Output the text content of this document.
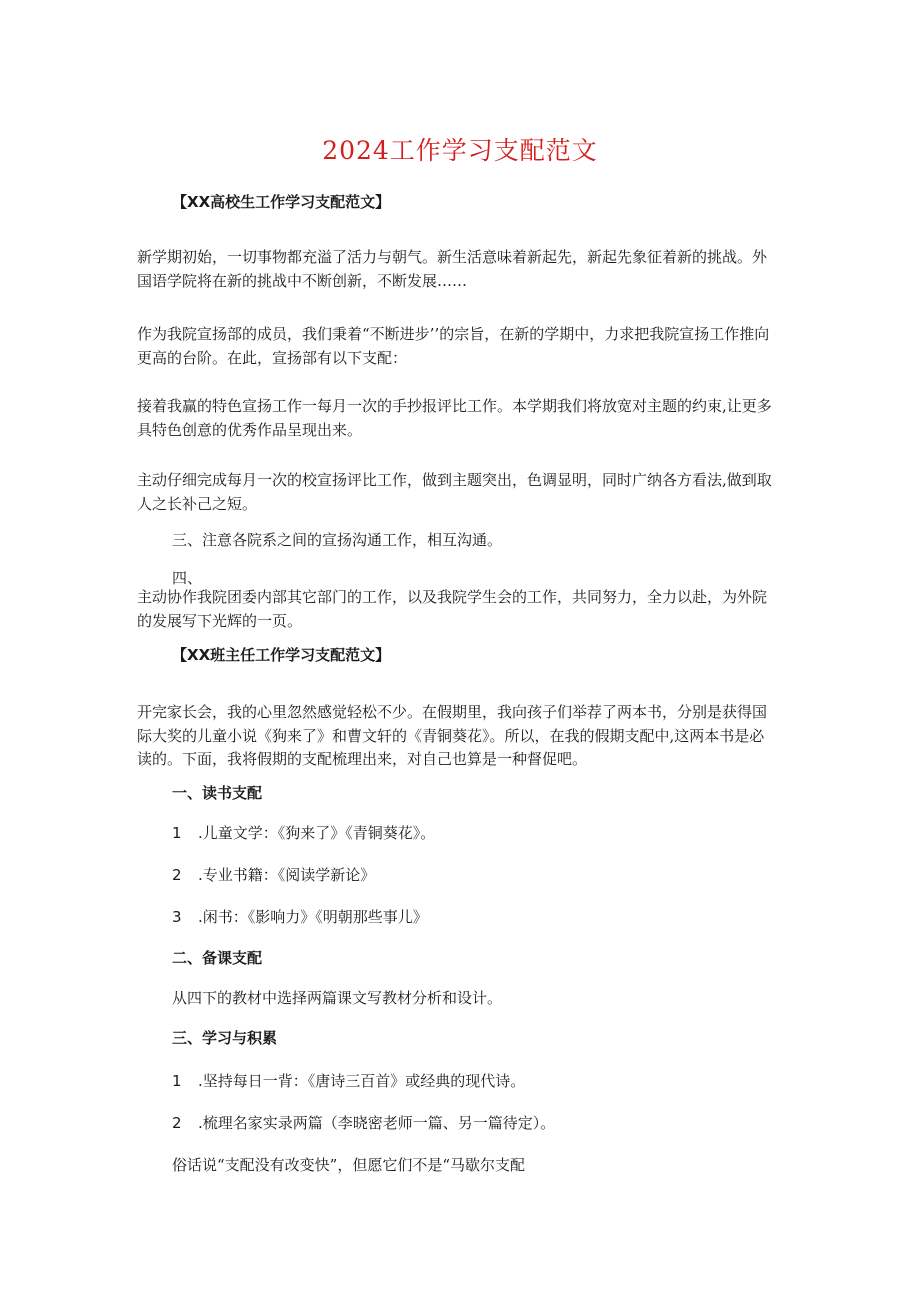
2024工作学习支配范文
【XX高校生工作学习支配范文】
新学期初始，一切事物都充溢了活力与朝气。新生活意味着新起先，新起先象征着新的挑战。外国语学院将在新的挑战中不断创新，不断发展……
作为我院宣扬部的成员，我们秉着“不断进步’’的宗旨，在新的学期中，力求把我院宣扬工作推向更高的台阶。在此，宣扬部有以下支配：
接着我赢的特色宣扬工作一每月一次的手抄报评比工作。本学期我们将放宽对主题的约束,让更多具特色创意的优秀作品呈现出来。
主动仔细完成每月一次的校宣扬评比工作，做到主题突出，色调显明，同时广纳各方看法,做到取人之长补己之短。
三、注意各院系之间的宣扬沟通工作，相互沟通。
四、
主动协作我院团委内部其它部门的工作，以及我院学生会的工作，共同努力，全力以赴，为外院的发展写下光辉的一页。
【XX班主任工作学习支配范文】
开完家长会，我的心里忽然感觉轻松不少。在假期里，我向孩子们举荐了两本书，分别是获得国际大奖的儿童小说《狗来了》和曹文轩的《青铜葵花》。所以，在我的假期支配中,这两本书是必读的。下面，我将假期的支配梳理出来，对自己也算是一种督促吧。
一、读书支配
1 .儿童文学：《狗来了》《青铜葵花》。
2 .专业书籍：《阅读学新论》
3 .闲书：《影响力》《明朝那些事儿》
二、备课支配
从四下的教材中选择两篇课文写教材分析和设计。
三、学习与积累
1 .坚持每日一背：《唐诗三百首》或经典的现代诗。
2 .梳理名家实录两篇（李晓密老师一篇、另一篇待定）。
俗话说“支配没有改变快”，但愿它们不是“马歇尔支配
